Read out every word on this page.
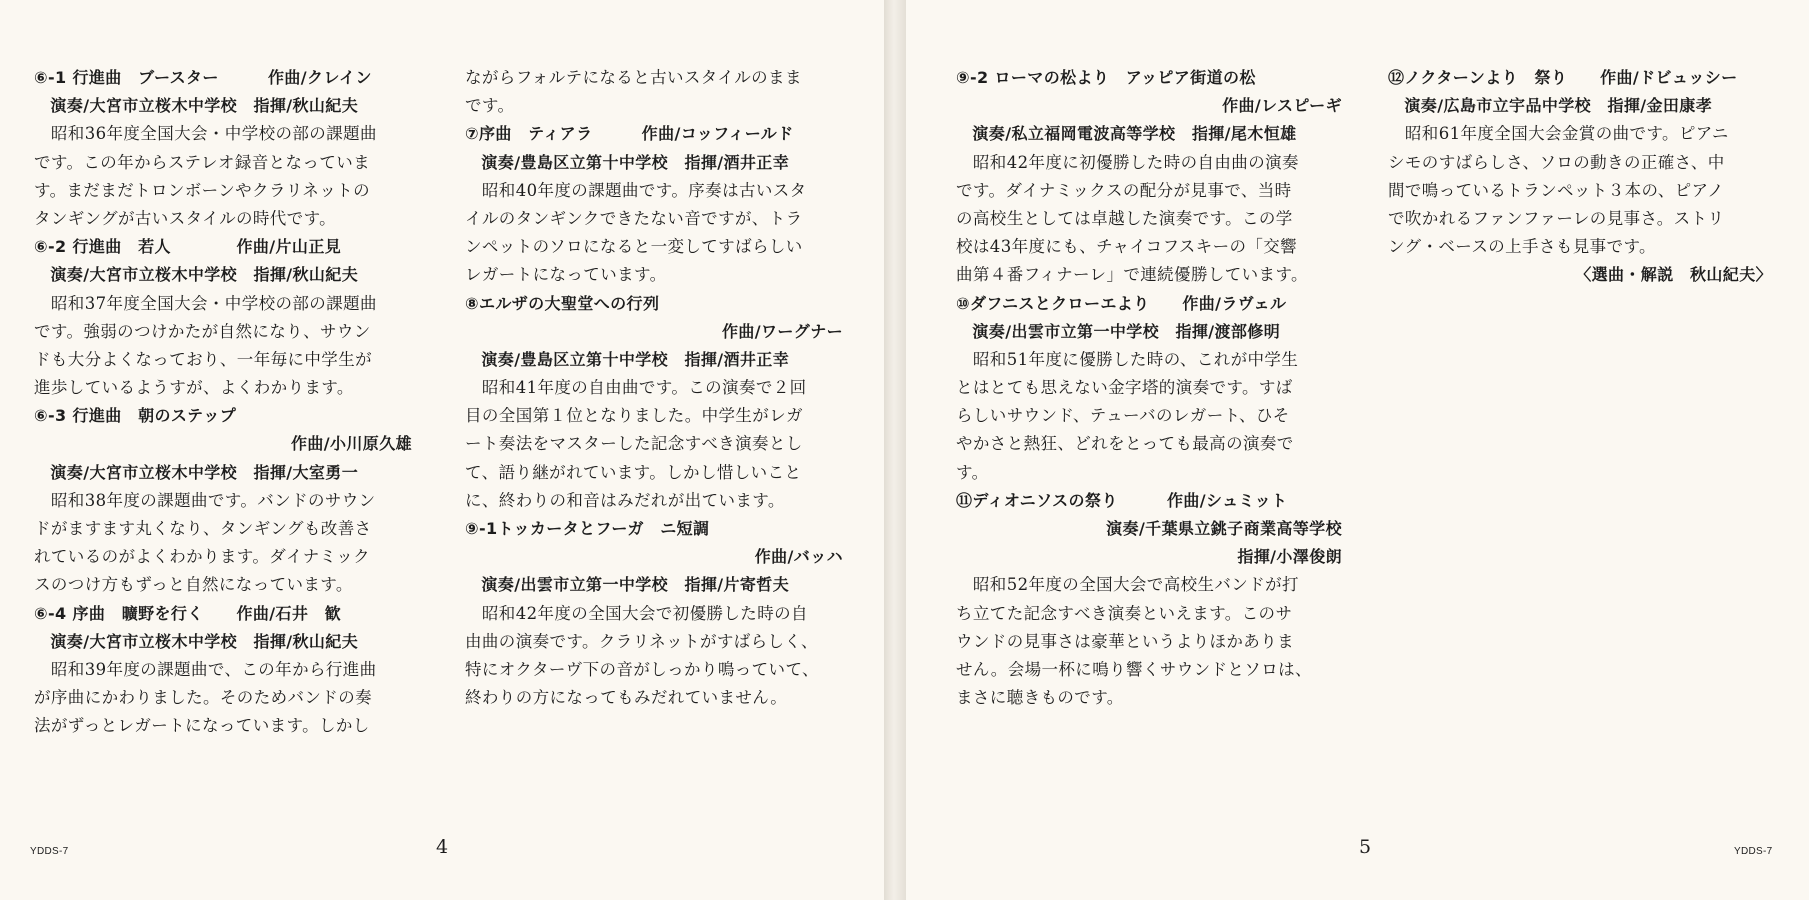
⑥-1 行進曲　ブースター　　　作曲/クレイン
　演奏/大宮市立桜木中学校　指揮/秋山紀夫
　昭和36年度全国大会・中学校の部の課題曲
です。この年からステレオ録音となっていま
す。まだまだトロンボーンやクラリネットの
タンギングが古いスタイルの時代です。
⑥-2 行進曲　若人　　　　作曲/片山正見
　演奏/大宮市立桜木中学校　指揮/秋山紀夫
　昭和37年度全国大会・中学校の部の課題曲
です。強弱のつけかたが自然になり、サウン
ドも大分よくなっており、一年毎に中学生が
進歩しているようすが、よくわかります。
⑥-3 行進曲　朝のステップ
作曲/小川原久雄
　演奏/大宮市立桜木中学校　指揮/大室勇一
　昭和38年度の課題曲です。バンドのサウン
ドがますます丸くなり、タンギングも改善さ
れているのがよくわかります。ダイナミック
スのつけ方もずっと自然になっています。
⑥-4 序曲　曠野を行く　　作曲/石井　歓
　演奏/大宮市立桜木中学校　指揮/秋山紀夫
　昭和39年度の課題曲で、この年から行進曲
が序曲にかわりました。そのためバンドの奏
法がずっとレガートになっています。しかし
ながらフォルテになると古いスタイルのまま
です。
⑦序曲　ティアラ　　　作曲/コッフィールド
　演奏/豊島区立第十中学校　指揮/酒井正幸
　昭和40年度の課題曲です。序奏は古いスタ
イルのタンギンクできたない音ですが、トラ
ンペットのソロになると一変してすばらしい
レガートになっています。
⑧エルザの大聖堂への行列
作曲/ワーグナー
　演奏/豊島区立第十中学校　指揮/酒井正幸
　昭和41年度の自由曲です。この演奏で２回
目の全国第１位となりました。中学生がレガ
ート奏法をマスターした記念すべき演奏とし
て、語り継がれています。しかし惜しいこと
に、終わりの和音はみだれが出ています。
⑨-1トッカータとフーガ　ニ短調
作曲/バッハ
　演奏/出雲市立第一中学校　指揮/片寄哲夫
　昭和42年度の全国大会で初優勝した時の自
由曲の演奏です。クラリネットがすばらしく、
特にオクターヴ下の音がしっかり鳴っていて、
終わりの方になってもみだれていません。
4
YDDS-7
⑨-2 ローマの松より　アッピア街道の松
作曲/レスピーギ
　演奏/私立福岡電波高等学校　指揮/尾木恒雄
　昭和42年度に初優勝した時の自由曲の演奏
です。ダイナミックスの配分が見事で、当時
の高校生としては卓越した演奏です。この学
校は43年度にも、チャイコフスキーの「交響
曲第４番フィナーレ」で連続優勝しています。
⑩ダフニスとクローエより　　作曲/ラヴェル
　演奏/出雲市立第一中学校　指揮/渡部修明
　昭和51年度に優勝した時の、これが中学生
とはとても思えない金字塔的演奏です。すば
らしいサウンド、テューバのレガート、ひそ
やかさと熱狂、どれをとっても最高の演奏で
す。
⑪ディオニソスの祭り　　　作曲/シュミット
演奏/千葉県立銚子商業高等学校
指揮/小澤俊朗
　昭和52年度の全国大会で高校生バンドが打
ち立てた記念すべき演奏といえます。このサ
ウンドの見事さは豪華というよりほかありま
せん。会場一杯に鳴り響くサウンドとソロは、
まさに聴きものです。
⑫ノクターンより　祭り　　作曲/ドビュッシー
　演奏/広島市立宇品中学校　指揮/金田康孝
　昭和61年度全国大会金賞の曲です。ピアニ
シモのすばらしさ、ソロの動きの正確さ、中
間で鳴っているトランペット３本の、ピアノ
で吹かれるファンファーレの見事さ。ストリ
ング・ベースの上手さも見事です。
〈選曲・解説　秋山紀夫〉
5	YDDS-7
